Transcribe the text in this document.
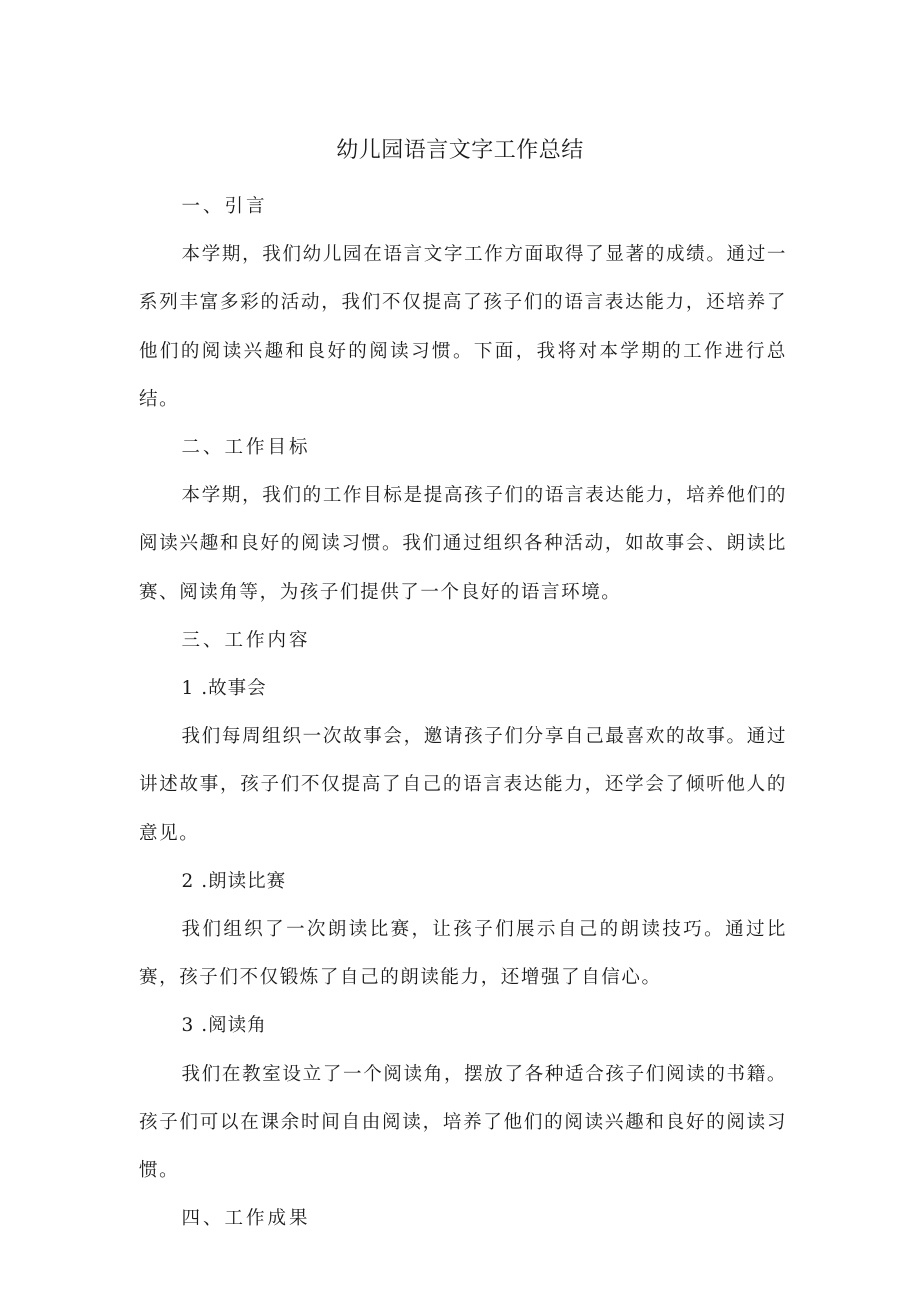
幼儿园语言文字工作总结

一、引言

本学期，我们幼儿园在语言文字工作方面取得了显著的成绩。通过一系列丰富多彩的活动，我们不仅提高了孩子们的语言表达能力，还培养了他们的阅读兴趣和良好的阅读习惯。下面，我将对本学期的工作进行总结。

二、工作目标

本学期，我们的工作目标是提高孩子们的语言表达能力，培养他们的阅读兴趣和良好的阅读习惯。我们通过组织各种活动，如故事会、朗读比赛、阅读角等，为孩子们提供了一个良好的语言环境。

三、工作内容

1 .故事会

我们每周组织一次故事会，邀请孩子们分享自己最喜欢的故事。通过讲述故事，孩子们不仅提高了自己的语言表达能力，还学会了倾听他人的意见。

2 .朗读比赛

我们组织了一次朗读比赛，让孩子们展示自己的朗读技巧。通过比赛，孩子们不仅锻炼了自己的朗读能力，还增强了自信心。

3 .阅读角

我们在教室设立了一个阅读角，摆放了各种适合孩子们阅读的书籍。孩子们可以在课余时间自由阅读，培养了他们的阅读兴趣和良好的阅读习惯。

四、工作成果
